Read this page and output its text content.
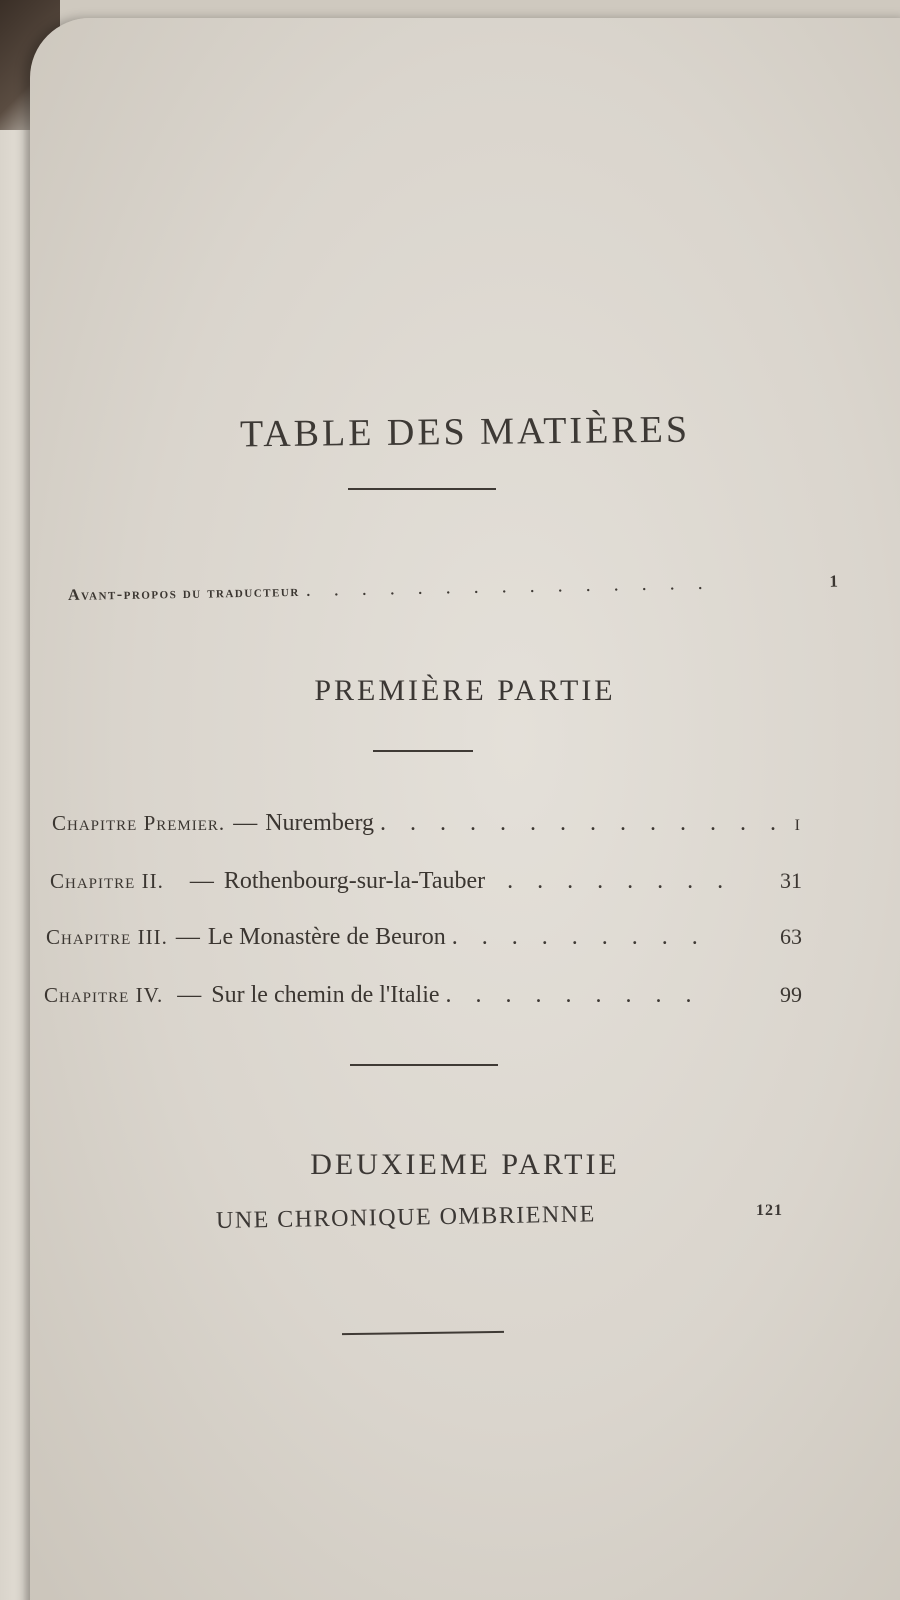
TABLE DES MATIÈRES
Avant-propos du traducteur . . . . . . . . . . . . . . .	1
PREMIÈRE PARTIE
Chapitre Premier. — Nuremberg . . . . . . . . . . . . . . I
Chapitre II.	— Rothenbourg-sur-la-Tauber . . . . . . . .	31
Chapitre III. — Le Monastère de Beuron . . . . . . . . .	63
Chapitre IV. — Sur le chemin de l'Italie . . . . . . . . .	99
DEUXIEME PARTIE
UNE CHRONIQUE OMBRIENNE	121
